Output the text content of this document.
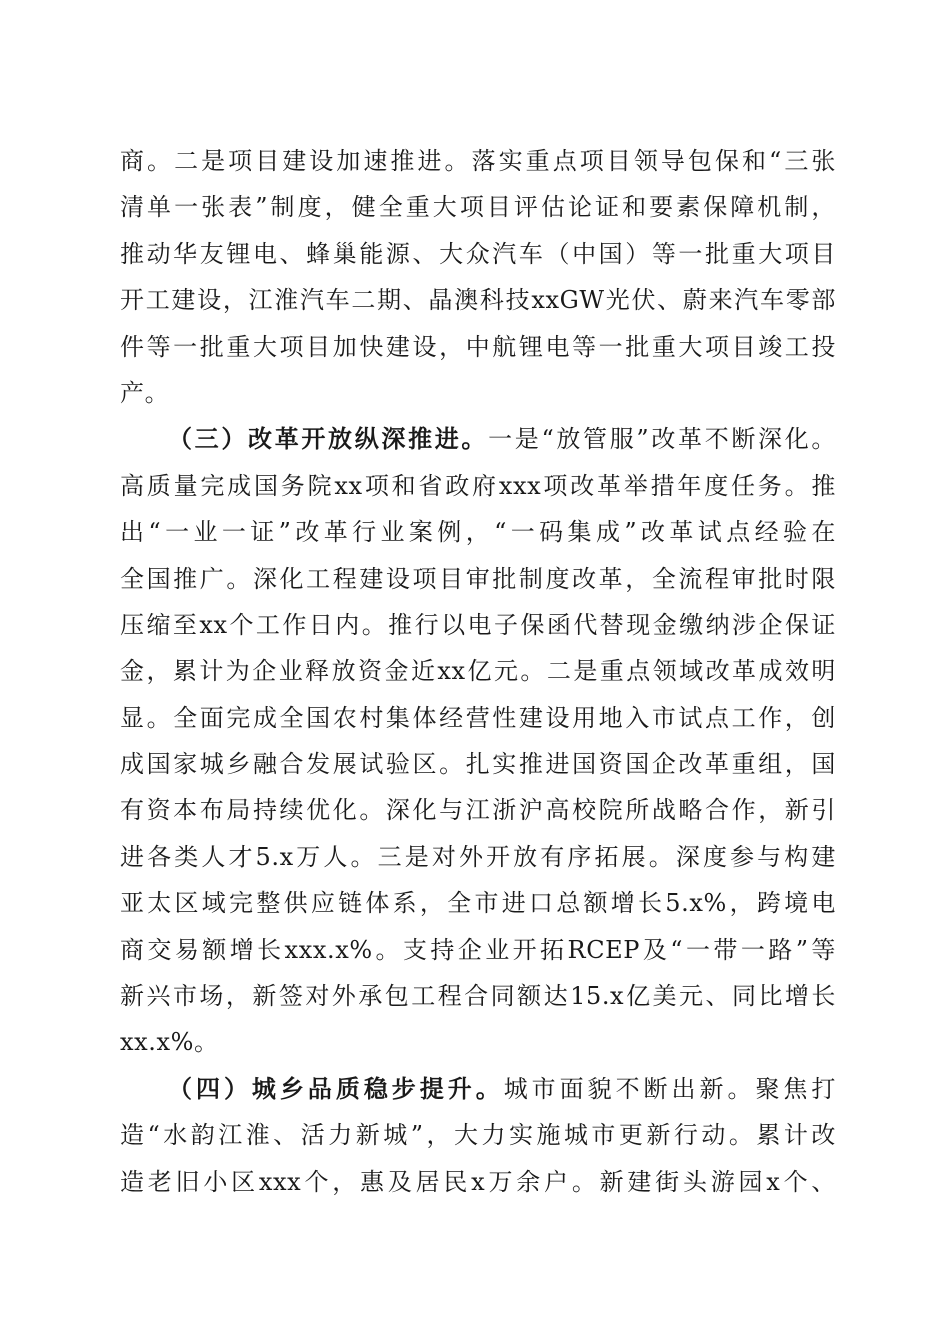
商。二是项目建设加速推进。落实重点项目领导包保和“三张
清单一张表”制度，健全重大项目评估论证和要素保障机制，
推动华友锂电、蜂巢能源、大众汽车（中国）等一批重大项目
开工建设，江淮汽车二期、晶澳科技xxGW光伏、蔚来汽车零部
件等一批重大项目加快建设，中航锂电等一批重大项目竣工投
产。
（三）改革开放纵深推进。一是“放管服”改革不断深化。
高质量完成国务院xx项和省政府xxx项改革举措年度任务。推
出“一业一证”改革行业案例，“一码集成”改革试点经验在
全国推广。深化工程建设项目审批制度改革，全流程审批时限
压缩至xx个工作日内。推行以电子保函代替现金缴纳涉企保证
金，累计为企业释放资金近xx亿元。二是重点领域改革成效明
显。全面完成全国农村集体经营性建设用地入市试点工作，创
成国家城乡融合发展试验区。扎实推进国资国企改革重组，国
有资本布局持续优化。深化与江浙沪高校院所战略合作，新引
进各类人才5.x万人。三是对外开放有序拓展。深度参与构建
亚太区域完整供应链体系，全市进口总额增长5.x%，跨境电
商交易额增长xxx.x%。支持企业开拓RCEP及“一带一路”等
新兴市场，新签对外承包工程合同额达15.x亿美元、同比增长
xx.x%。
（四）城乡品质稳步提升。城市面貌不断出新。聚焦打
造“水韵江淮、活力新城”，大力实施城市更新行动。累计改
造老旧小区xxx个，惠及居民x万余户。新建街头游园x个、
